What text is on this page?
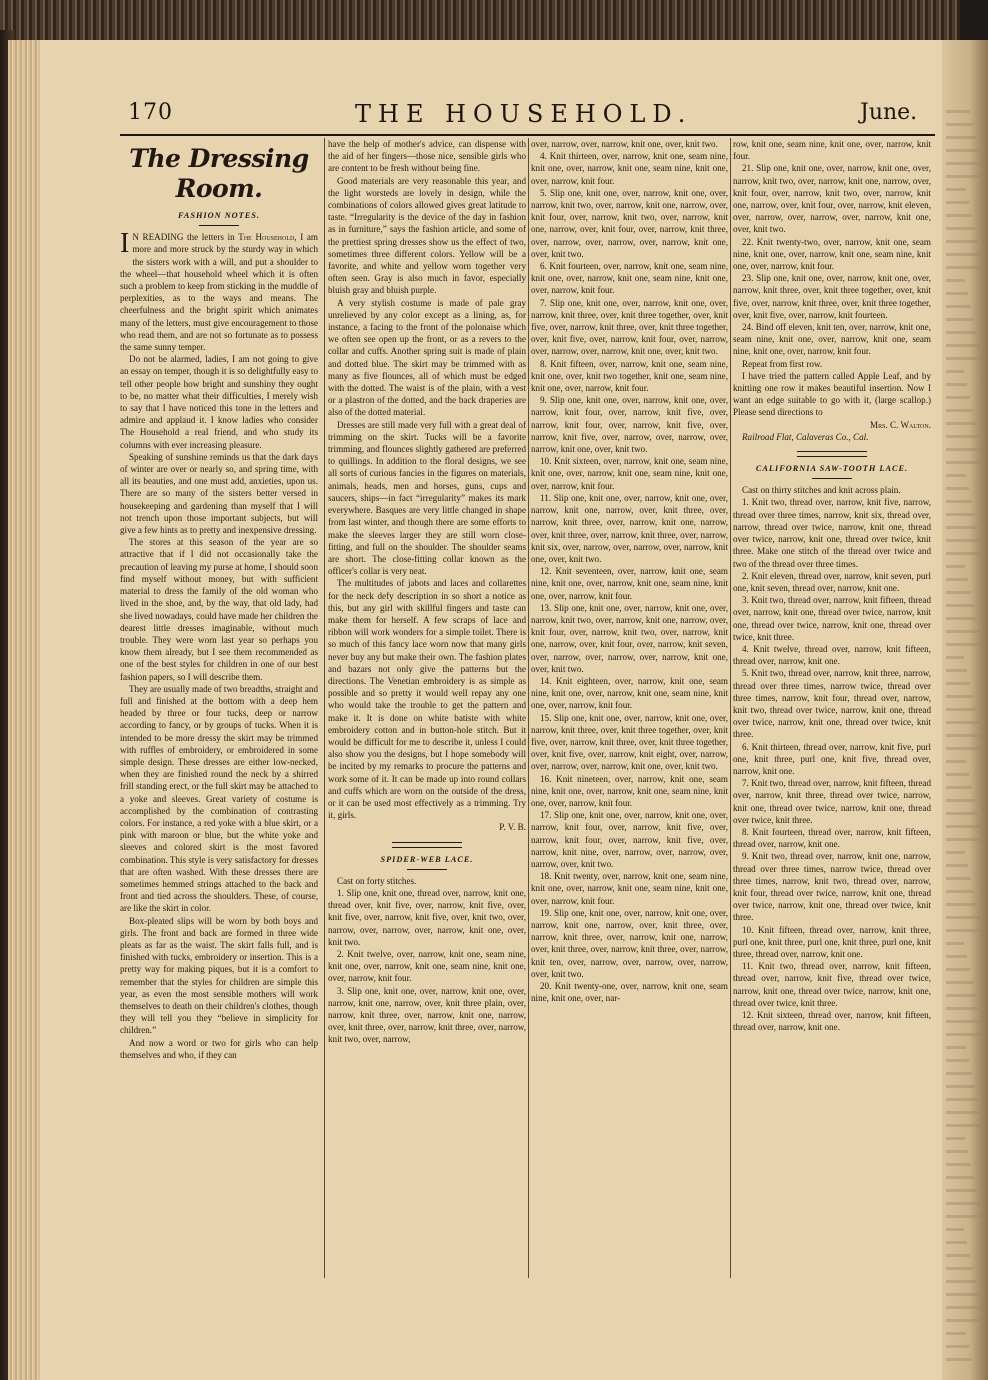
170	THE HOUSEHOLD.	June.
The Dressing Room.
FASHION NOTES.

I N READING the letters in The Household, I am more and more struck by the sturdy way in which the sisters work with a will, and put a shoulder to the wheel—that household wheel which it is often such a problem to keep from sticking in the muddle of perplexities, as to the ways and means. The cheerfulness and the bright spirit which animates many of the letters, must give encouragement to those who read them, and are not so fortunate as to possess the same sunny temper.

Do not be alarmed, ladies, I am not going to give an essay on temper, though it is so delightfully easy to tell other people how bright and sunshiny they ought to be, no matter what their difficulties, I merely wish to say that I have noticed this tone in the letters and admire and applaud it. I know ladies who consider The Household a real friend, and who study its columns with ever increasing pleasure.

Speaking of sunshine reminds us that the dark days of winter are over or nearly so, and spring time, with all its beauties, and one must add, anxieties, upon us. There are so many of the sisters better versed in housekeeping and gardening than myself that I will not trench upon those important subjects, but will give a few hints as to pretty and inexpensive dressing.

The stores at this season of the year are so attractive that if I did not occasionally take the precaution of leaving my purse at home, I should soon find myself without money, but with sufficient material to dress the family of the old woman who lived in the shoe, and, by the way, that old lady, had she lived nowadays, could have made her children the dearest little dresses imaginable, without much trouble. They were worn last year so perhaps you know them already, but I see them recommended as one of the best styles for children in one of our best fashion papers, so I will describe them.

They are usually made of two breadths, straight and full and finished at the bottom with a deep hem headed by three or four tucks, deep or narrow according to fancy, or by groups of tucks. When it is intended to be more dressy the skirt may be trimmed with ruffles of embroidery, or embroidered in some simple design. These dresses are either low-necked, when they are finished round the neck by a shirred frill standing erect, or the full skirt may be attached to a yoke and sleeves. Great variety of costume is accomplished by the combination of contrasting colors. For instance, a red yoke with a blue skirt, or a pink with maroon or blue, but the white yoke and sleeves and colored skirt is the most favored combination. This style is very satisfactory for dresses that are often washed. With these dresses there are sometimes hemmed strings attached to the back and front and tied across the shoulders. These, of course, are like the skirt in color.

Box-pleated slips will be worn by both boys and girls. The front and back are formed in three wide pleats as far as the waist. The skirt falls full, and is finished with tucks, embroidery or insertion. This is a pretty way for making piques, but it is a comfort to remember that the styles for children are simple this year, as even the most sensible mothers will work themselves to death on their children's clothes, though they will tell you they “believe in simplicity for children.”

And now a word or two for girls who can help themselves and who, if they can

have the help of mother's advice, can dispense with the aid of her fingers—those nice, sensible girls who are content to be fresh without being fine.

Good materials are very reasonable this year, and the light worsteds are lovely in design, while the combinations of colors allowed gives great latitude to taste. “Irregularity is the device of the day in fashion as in furniture,” says the fashion article, and some of the prettiest spring dresses show us the effect of two, sometimes three different colors. Yellow will be a favorite, and white and yellow worn together very often seen. Gray is also much in favor, especially bluish gray and bluish purple.

A very stylish costume is made of pale gray unrelieved by any color except as a lining, as, for instance, a facing to the front of the polonaise which we often see open up the front, or as a revers to the collar and cuffs. Another spring suit is made of plain and dotted blue. The skirt may be trimmed with as many as five flounces, all of which must be edged with the dotted. The waist is of the plain, with a vest or a plastron of the dotted, and the back draperies are also of the dotted material.

Dresses are still made very full with a great deal of trimming on the skirt. Tucks will be a favorite trimming, and flounces slightly gathered are preferred to quillings. In addition to the floral designs, we see all sorts of curious fancies in the figures on materials, animals, heads, men and horses, guns, cups and saucers, ships—in fact “irregularity” makes its mark everywhere. Basques are very little changed in shape from last winter, and though there are some efforts to make the sleeves larger they are still worn close-fitting, and full on the shoulder. The shoulder seams are short. The close-fitting collar known as the officer's collar is very neat.

The multitudes of jabots and laces and collarettes for the neck defy description in so short a notice as this, but any girl with skillful fingers and taste can make them for herself. A few scraps of lace and ribbon will work wonders for a simple toilet. There is so much of this fancy lace worn now that many girls never buy any but make their own. The fashion plates and bazars not only give the patterns but the directions. The Venetian embroidery is as simple as possible and so pretty it would well repay any one who would take the trouble to get the pattern and make it. It is done on white batiste with white embroidery cotton and in button-hole stitch. But it would be difficult for me to describe it, unless I could also show you the designs, but I hope somebody will be incited by my remarks to procure the patterns and work some of it. It can be made up into round collars and cuffs which are worn on the outside of the dress, or it can be used most effectively as a trimming. Try it, girls.

P. V. B.

SPIDER-WEB LACE.

Cast on forty stitches.

1. Slip one, knit one, thread over, narrow, knit one, thread over, knit five, over, narrow, knit five, over, knit five, over, narrow, knit five, over, knit two, over, narrow, over, narrow, over, narrow, knit one, over, knit two.

2. Knit twelve, over, narrow, knit one, seam nine, knit one, over, narrow, knit one, seam nine, knit one, over, narrow, knit four.

3. Slip one, knit one, over, narrow, knit one, over, narrow, knit one, narrow, over, knit three plain, over, narrow, knit three, over, narrow, knit one, narrow, over, knit three, over, narrow, knit three, over, narrow, knit two, over, narrow,

over, narrow, over, narrow, knit one, over, knit two.

4. Knit thirteen, over, narrow, knit one, seam nine, knit one, over, narrow, knit one, seam nine, knit one, over, narrow, knit four.

5. Slip one, knit one, over, narrow, knit one, over, narrow, knit two, over, narrow, knit one, narrow, over, knit four, over, narrow, knit two, over, narrow, knit one, narrow, over, knit four, over, narrow, knit three, over, narrow, over, narrow, over, narrow, knit one, over, knit two.

6. Knit fourteen, over, narrow, knit one, seam nine, knit one, over, narrow, knit one, seam nine, knit one, over, narrow, knit four.

7. Slip one, knit one, over, narrow, knit one, over, narrow, knit three, over, knit three together, over, knit five, over, narrow, knit three, over, knit three together, over, knit five, over, narrow, knit four, over, narrow, over, narrow, over, narrow, knit one, over, knit two.

8. Knit fifteen, over, narrow, knit one, seam nine, knit one, over, knit two together, knit one, seam nine, knit one, over, narrow, knit four.

9. Slip one, knit one, over, narrow, knit one, over, narrow, knit four, over, narrow, knit five, over, narrow, knit four, over, narrow, knit five, over, narrow, knit five, over, narrow, over, narrow, over, narrow, knit one, over, knit two.

10. Knit sixteen, over, narrow, knit one, seam nine, knit one, over, narrow, knit one, seam nine, knit one, over, narrow, knit four.

11. Slip one, knit one, over, narrow, knit one, over, narrow, knit one, narrow, over, knit three, over, narrow, knit three, over, narrow, knit one, narrow, over, knit three, over, narrow, knit three, over, narrow, knit six, over, narrow, over, narrow, over, narrow, knit one, over, knit two.

12. Knit seventeen, over, narrow, knit one, seam nine, knit one, over, narrow, knit one, seam nine, knit one, over, narrow, knit four.

13. Slip one, knit one, over, narrow, knit one, over, narrow, knit two, over, narrow, knit one, narrow, over, knit four, over, narrow, knit two, over, narrow, knit one, narrow, over, knit four, over, narrow, knit seven, over, narrow, over, narrow, over, narrow, knit one, over, knit two.

14. Knit eighteen, over, narrow, knit one, seam nine, knit one, over, narrow, knit one, seam nine, knit one, over, narrow, knit four.

15. Slip one, knit one, over, narrow, knit one, over, narrow, knit three, over, knit three together, over, knit five, over, narrow, knit three, over, knit three together, over, knit five, over, narrow, knit eight, over, narrow, over, narrow, over, narrow, knit one, over, knit two.

16. Knit nineteen, over, narrow, knit one, seam nine, knit one, over, narrow, knit one, seam nine, knit one, over, narrow, knit four.

17. Slip one, knit one, over, narrow, knit one, over, narrow, knit four, over, narrow, knit five, over, narrow, knit four, over, narrow, knit five, over, narrow, knit nine, over, narrow, over, narrow, over, narrow, over, knit two.

18. Knit twenty, over, narrow, knit one, seam nine, knit one, over, narrow, knit one, seam nine, knit one, over, narrow, knit four.

19. Slip one, knit one, over, narrow, knit one, over, narrow, knit one, narrow, over, knit three, over, narrow, knit three, over, narrow, knit one, narrow, over, knit three, over, narrow, knit three, over, narrow, knit ten, over, narrow, over, narrow, over, narrow, over, knit two.

20. Knit twenty-one, over, narrow, knit one, seam nine, knit one, over, nar-

row, knit one, seam nine, knit one, over, narrow, knit four.

21. Slip one, knit one, over, narrow, knit one, over, narrow, knit two, over, narrow, knit one, narrow, over, knit four, over, narrow, knit two, over, narrow, knit one, narrow, over, knit four, over, narrow, knit eleven, over, narrow, over, narrow, over, narrow, knit one, over, knit two.

22. Knit twenty-two, over, narrow, knit one, seam nine, knit one, over, narrow, knit one, seam nine, knit one, over, narrow, knit four.

23. Slip one, knit one, over, narrow, knit one, over, narrow, knit three, over, knit three together, over, knit five, over, narrow, knit three, over, knit three together, over, knit five, over, narrow, knit fourteen.

24. Bind off eleven, knit ten, over, narrow, knit one, seam nine, knit one, over, narrow, knit one, seam nine, knit one, over, narrow, knit four.

Repeat from first row.

I have tried the pattern called Apple Leaf, and by knitting one row it makes beautiful insertion. Now I want an edge suitable to go with it, (large scallop.) Please send directions to

Mrs. C. Walton.

Railroad Flat, Calaveras Co., Cal.

CALIFORNIA SAW-TOOTH LACE.

Cast on thirty stitches and knit across plain.

1. Knit two, thread over, narrow, knit five, narrow, thread over three times, narrow, knit six, thread over, narrow, thread over twice, narrow, knit one, thread over twice, narrow, knit one, thread over twice, knit three. Make one stitch of the thread over twice and two of the thread over three times.

2. Knit eleven, thread over, narrow, knit seven, purl one, knit seven, thread over, narrow, knit one.

3. Knit two, thread over, narrow, knit fifteen, thread over, narrow, knit one, thread over twice, narrow, knit one, thread over twice, narrow, knit one, thread over twice, knit three.

4. Knit twelve, thread over, narrow, knit fifteen, thread over, narrow, knit one.

5. Knit two, thread over, narrow, knit three, narrow, thread over three times, narrow twice, thread over three times, narrow, knit four, thread over, narrow, knit two, thread over twice, narrow, knit one, thread over twice, narrow, knit one, thread over twice, knit three.

6. Knit thirteen, thread over, narrow, knit five, purl one, knit three, purl one, knit five, thread over, narrow, knit one.

7. Knit two, thread over, narrow, knit fifteen, thread over, narrow, knit three, thread over twice, narrow, knit one, thread over twice, narrow, knit one, thread over twice, knit three.

8. Knit fourteen, thread over, narrow, knit fifteen, thread over, narrow, knit one.

9. Knit two, thread over, narrow, knit one, narrow, thread over three times, narrow twice, thread over three times, narrow, knit two, thread over, narrow, knit four, thread over twice, narrow, knit one, thread over twice, narrow, knit one, thread over twice, knit three.

10. Knit fifteen, thread over, narrow, knit three, purl one, knit three, purl one, knit three, purl one, knit three, thread over, narrow, knit one.

11. Knit two, thread over, narrow, knit fifteen, thread over, narrow, knit five, thread over twice, narrow, knit one, thread over twice, narrow, knit one, thread over twice, knit three.

12. Knit sixteen, thread over, narrow, knit fifteen, thread over, narrow, knit one.
